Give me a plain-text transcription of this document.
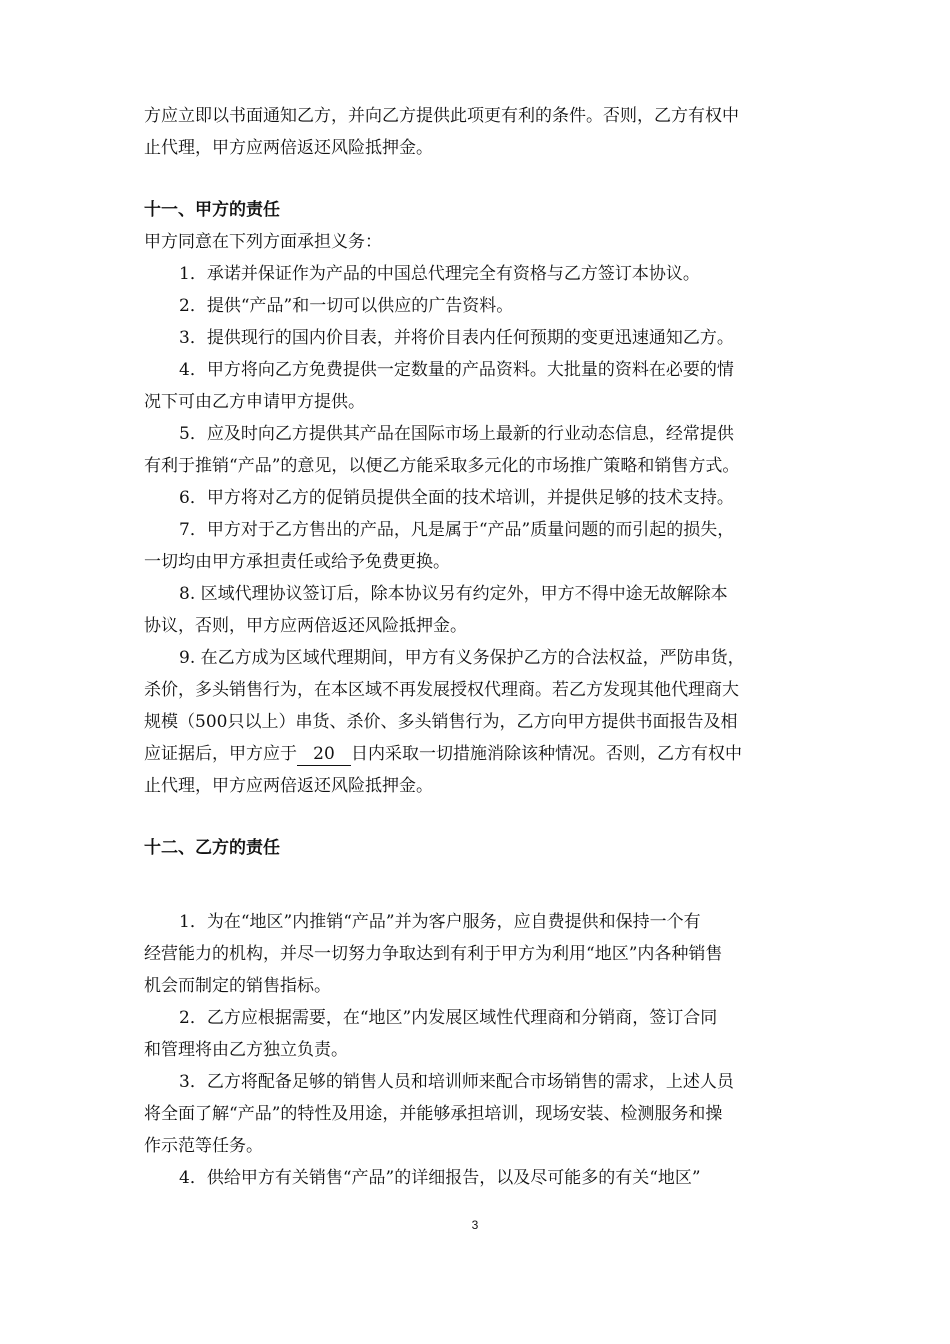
方应立即以书面通知乙方，并向乙方提供此项更有利的条件。否则，乙方有权中
止代理，甲方应两倍返还风险抵押金。
十一、甲方的责任
甲方同意在下列方面承担义务：
1．承诺并保证作为产品的中国总代理完全有资格与乙方签订本协议。
2．提供“产品”和一切可以供应的广告资料。
3．提供现行的国内价目表，并将价目表内任何预期的变更迅速通知乙方。
4．甲方将向乙方免费提供一定数量的产品资料。大批量的资料在必要的情
况下可由乙方申请甲方提供。
5．应及时向乙方提供其产品在国际市场上最新的行业动态信息，经常提供
有利于推销“产品”的意见，以便乙方能采取多元化的市场推广策略和销售方式。
6．甲方将对乙方的促销员提供全面的技术培训，并提供足够的技术支持。
7．甲方对于乙方售出的产品，凡是属于“产品”质量问题的而引起的损失，
一切均由甲方承担责任或给予免费更换。
8. 区域代理协议签订后，除本协议另有约定外，甲方不得中途无故解除本
协议，否则，甲方应两倍返还风险抵押金。
9. 在乙方成为区域代理期间，甲方有义务保护乙方的合法权益，严防串货，
杀价，多头销售行为，在本区域不再发展授权代理商。若乙方发现其他代理商大
规模（500只以上）串货、杀价、多头销售行为，乙方向甲方提供书面报告及相
应证据后，甲方应于 20 日内采取一切措施消除该种情况。否则，乙方有权中
止代理，甲方应两倍返还风险抵押金。
十二、乙方的责任
1．为在“地区”内推销“产品”并为客户服务，应自费提供和保持一个有
经营能力的机构，并尽一切努力争取达到有利于甲方为利用“地区”内各种销售
机会而制定的销售指标。
2．乙方应根据需要，在“地区”内发展区域性代理商和分销商，签订合同
和管理将由乙方独立负责。
3．乙方将配备足够的销售人员和培训师来配合市场销售的需求，上述人员
将全面了解“产品”的特性及用途，并能够承担培训，现场安装、检测服务和操
作示范等任务。
4．供给甲方有关销售“产品”的详细报告，以及尽可能多的有关“地区”
3
